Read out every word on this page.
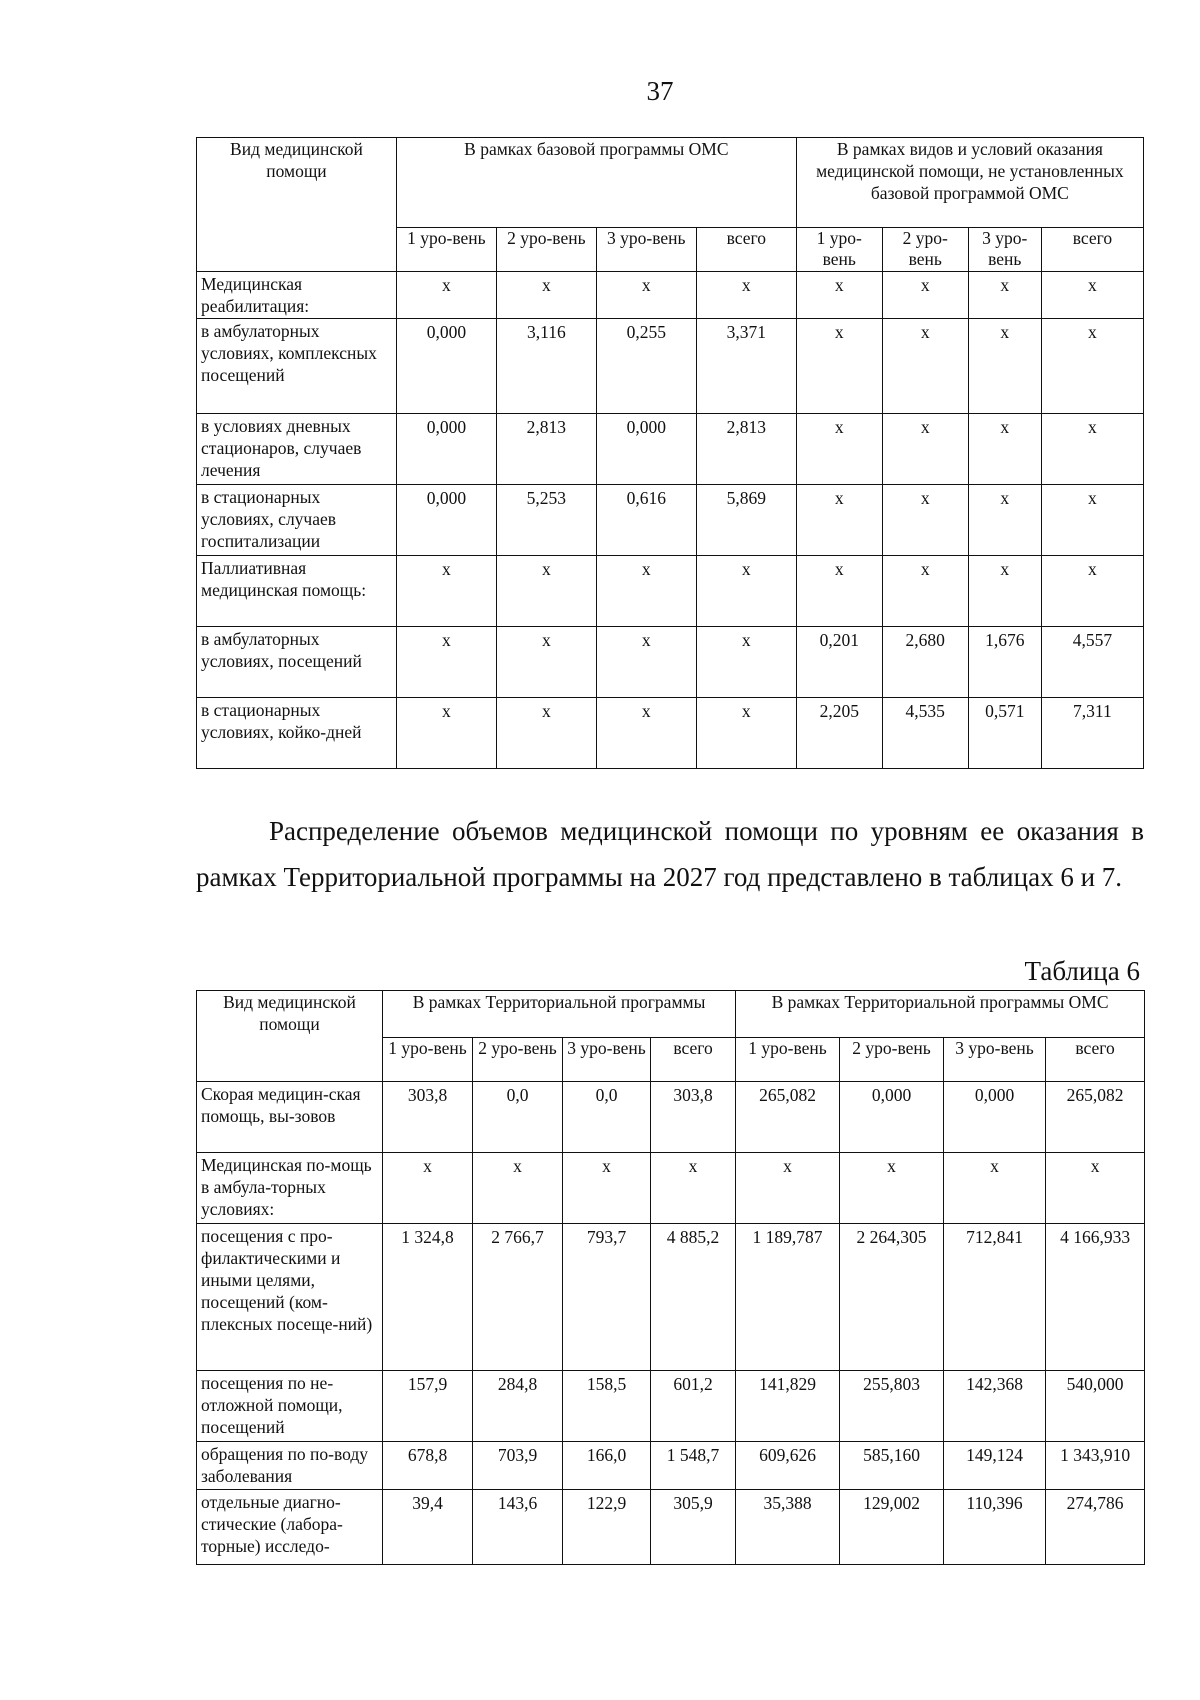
37
Вид медицинской помощи	В рамках базовой программы ОМС				В рамках видов и условий оказания медицинской помощи, не установленных базовой программой ОМС			
	1 уро-вень	2 уро-вень	3 уро-вень	всего	1 уро-вень	2 уро-вень	3 уро-вень	всего
Медицинская реабилитация:	х	х	х	х	х	х	х	х
в амбулаторных условиях, комплексных посещений	0,000	3,116	0,255	3,371	х	х	х	х
в условиях дневных стационаров, случаев лечения	0,000	2,813	0,000	2,813	х	х	х	х
в стационарных условиях, случаев госпитализации	0,000	5,253	0,616	5,869	х	х	х	х
Паллиативная медицинская помощь:	х	х	х	х	х	х	х	х
в амбулаторных условиях, посещений	х	х	х	х	0,201	2,680	1,676	4,557
в стационарных условиях, койко-дней	х	х	х	х	2,205	4,535	0,571	7,311
Распределение объемов медицинской помощи по уровням ее оказания в рамках Территориальной программы на 2027 год представлено в таблицах 6 и 7.
Таблица 6
Вид медицинской помощи	В рамках Территориальной программы				В рамках Территориальной программы ОМС			
	1 уро-вень	2 уро-вень	3 уро-вень	всего	1 уро-вень	2 уро-вень	3 уро-вень	всего
Скорая медицин-ская помощь, вы-зовов	303,8	0,0	0,0	303,8	265,082	0,000	0,000	265,082
Медицинская по-мощь в амбула-торных условиях:	х	х	х	х	х	х	х	х
посещения с про-филактическими и иными целями, посещений (ком-плексных посеще-ний)	1 324,8	2 766,7	793,7	4 885,2	1 189,787	2 264,305	712,841	4 166,933
посещения по не-отложной помощи, посещений	157,9	284,8	158,5	601,2	141,829	255,803	142,368	540,000
обращения по по-воду заболевания	678,8	703,9	166,0	1 548,7	609,626	585,160	149,124	1 343,910
отдельные диагно-стические (лабора-торные) исследо-	39,4	143,6	122,9	305,9	35,388	129,002	110,396	274,786
